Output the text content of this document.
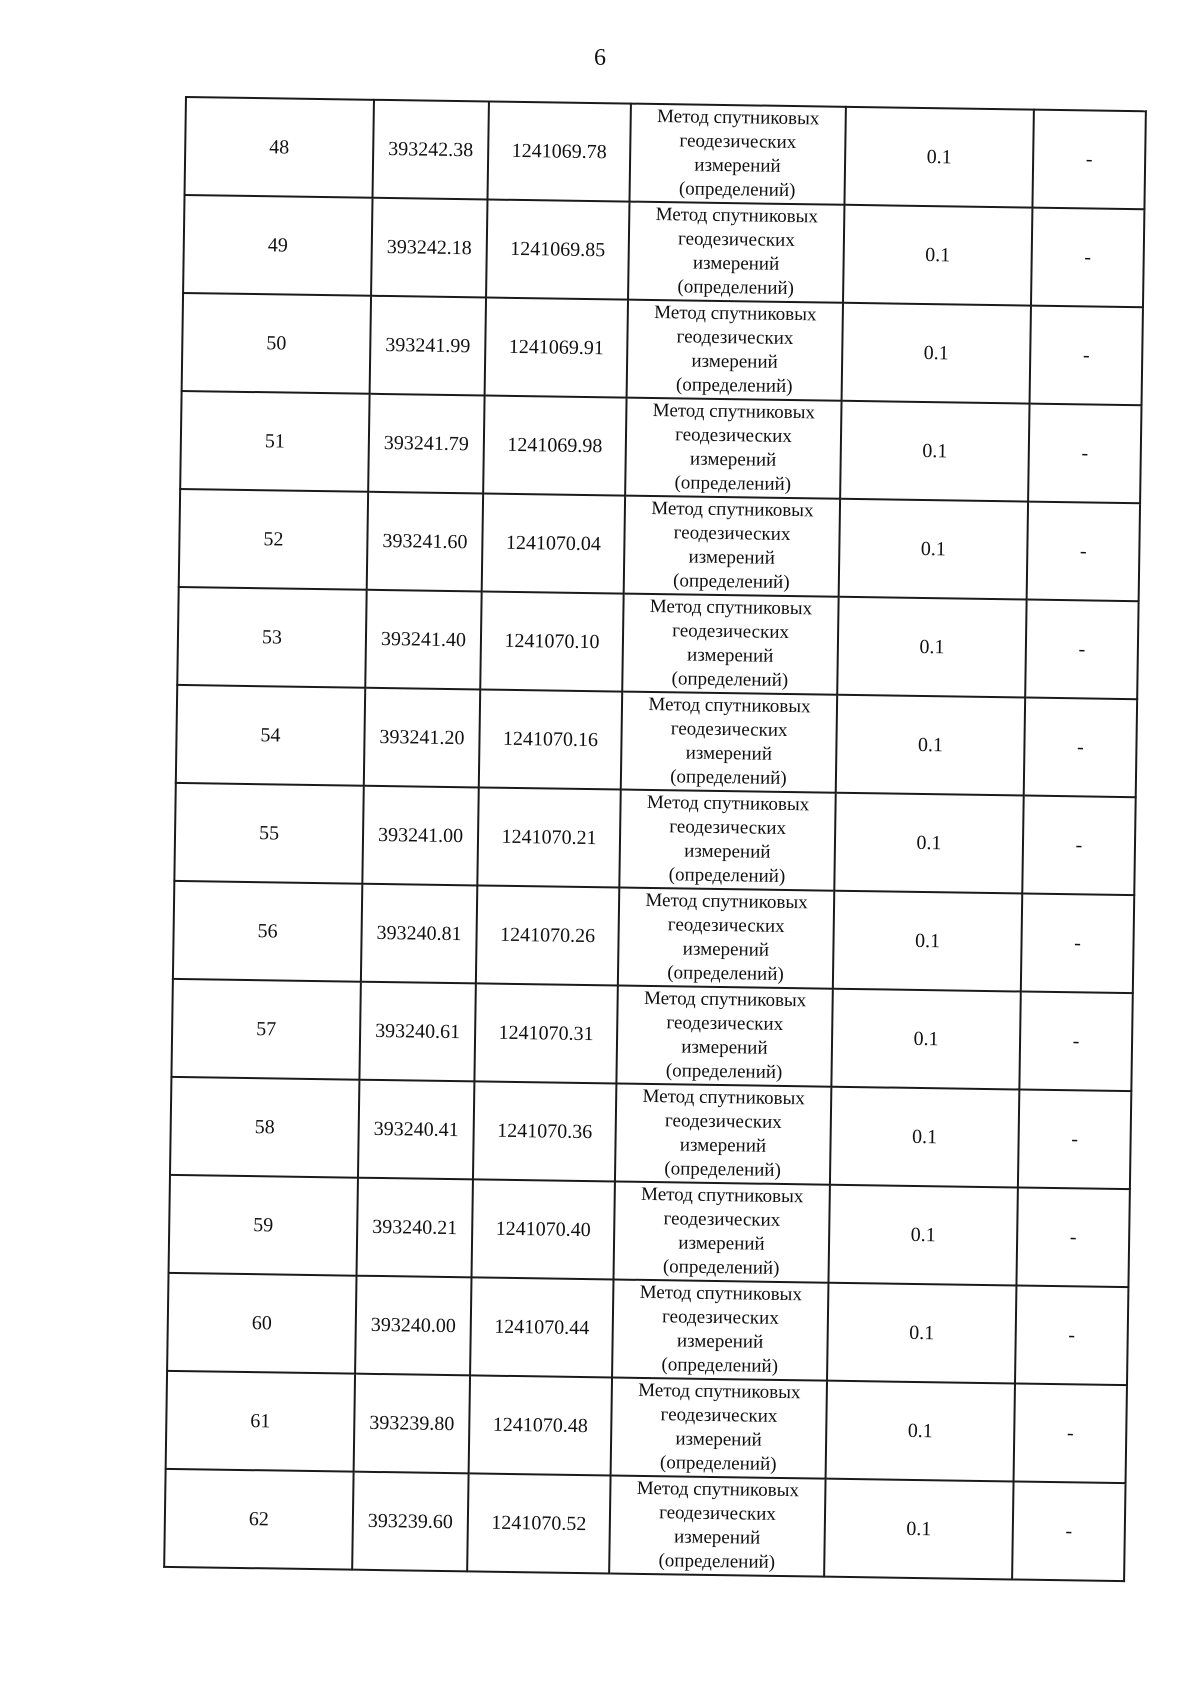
6
48	393242.38	1241069.78	Метод спутниковых
геодезических
измерений
(определений)	0.1	-
49	393242.18	1241069.85	Метод спутниковых
геодезических
измерений
(определений)	0.1	-
50	393241.99	1241069.91	Метод спутниковых
геодезических
измерений
(определений)	0.1	-
51	393241.79	1241069.98	Метод спутниковых
геодезических
измерений
(определений)	0.1	-
52	393241.60	1241070.04	Метод спутниковых
геодезических
измерений
(определений)	0.1	-
53	393241.40	1241070.10	Метод спутниковых
геодезических
измерений
(определений)	0.1	-
54	393241.20	1241070.16	Метод спутниковых
геодезических
измерений
(определений)	0.1	-
55	393241.00	1241070.21	Метод спутниковых
геодезических
измерений
(определений)	0.1	-
56	393240.81	1241070.26	Метод спутниковых
геодезических
измерений
(определений)	0.1	-
57	393240.61	1241070.31	Метод спутниковых
геодезических
измерений
(определений)	0.1	-
58	393240.41	1241070.36	Метод спутниковых
геодезических
измерений
(определений)	0.1	-
59	393240.21	1241070.40	Метод спутниковых
геодезических
измерений
(определений)	0.1	-
60	393240.00	1241070.44	Метод спутниковых
геодезических
измерений
(определений)	0.1	-
61	393239.80	1241070.48	Метод спутниковых
геодезических
измерений
(определений)	0.1	-
62	393239.60	1241070.52	Метод спутниковых
геодезических
измерений
(определений)	0.1	-
